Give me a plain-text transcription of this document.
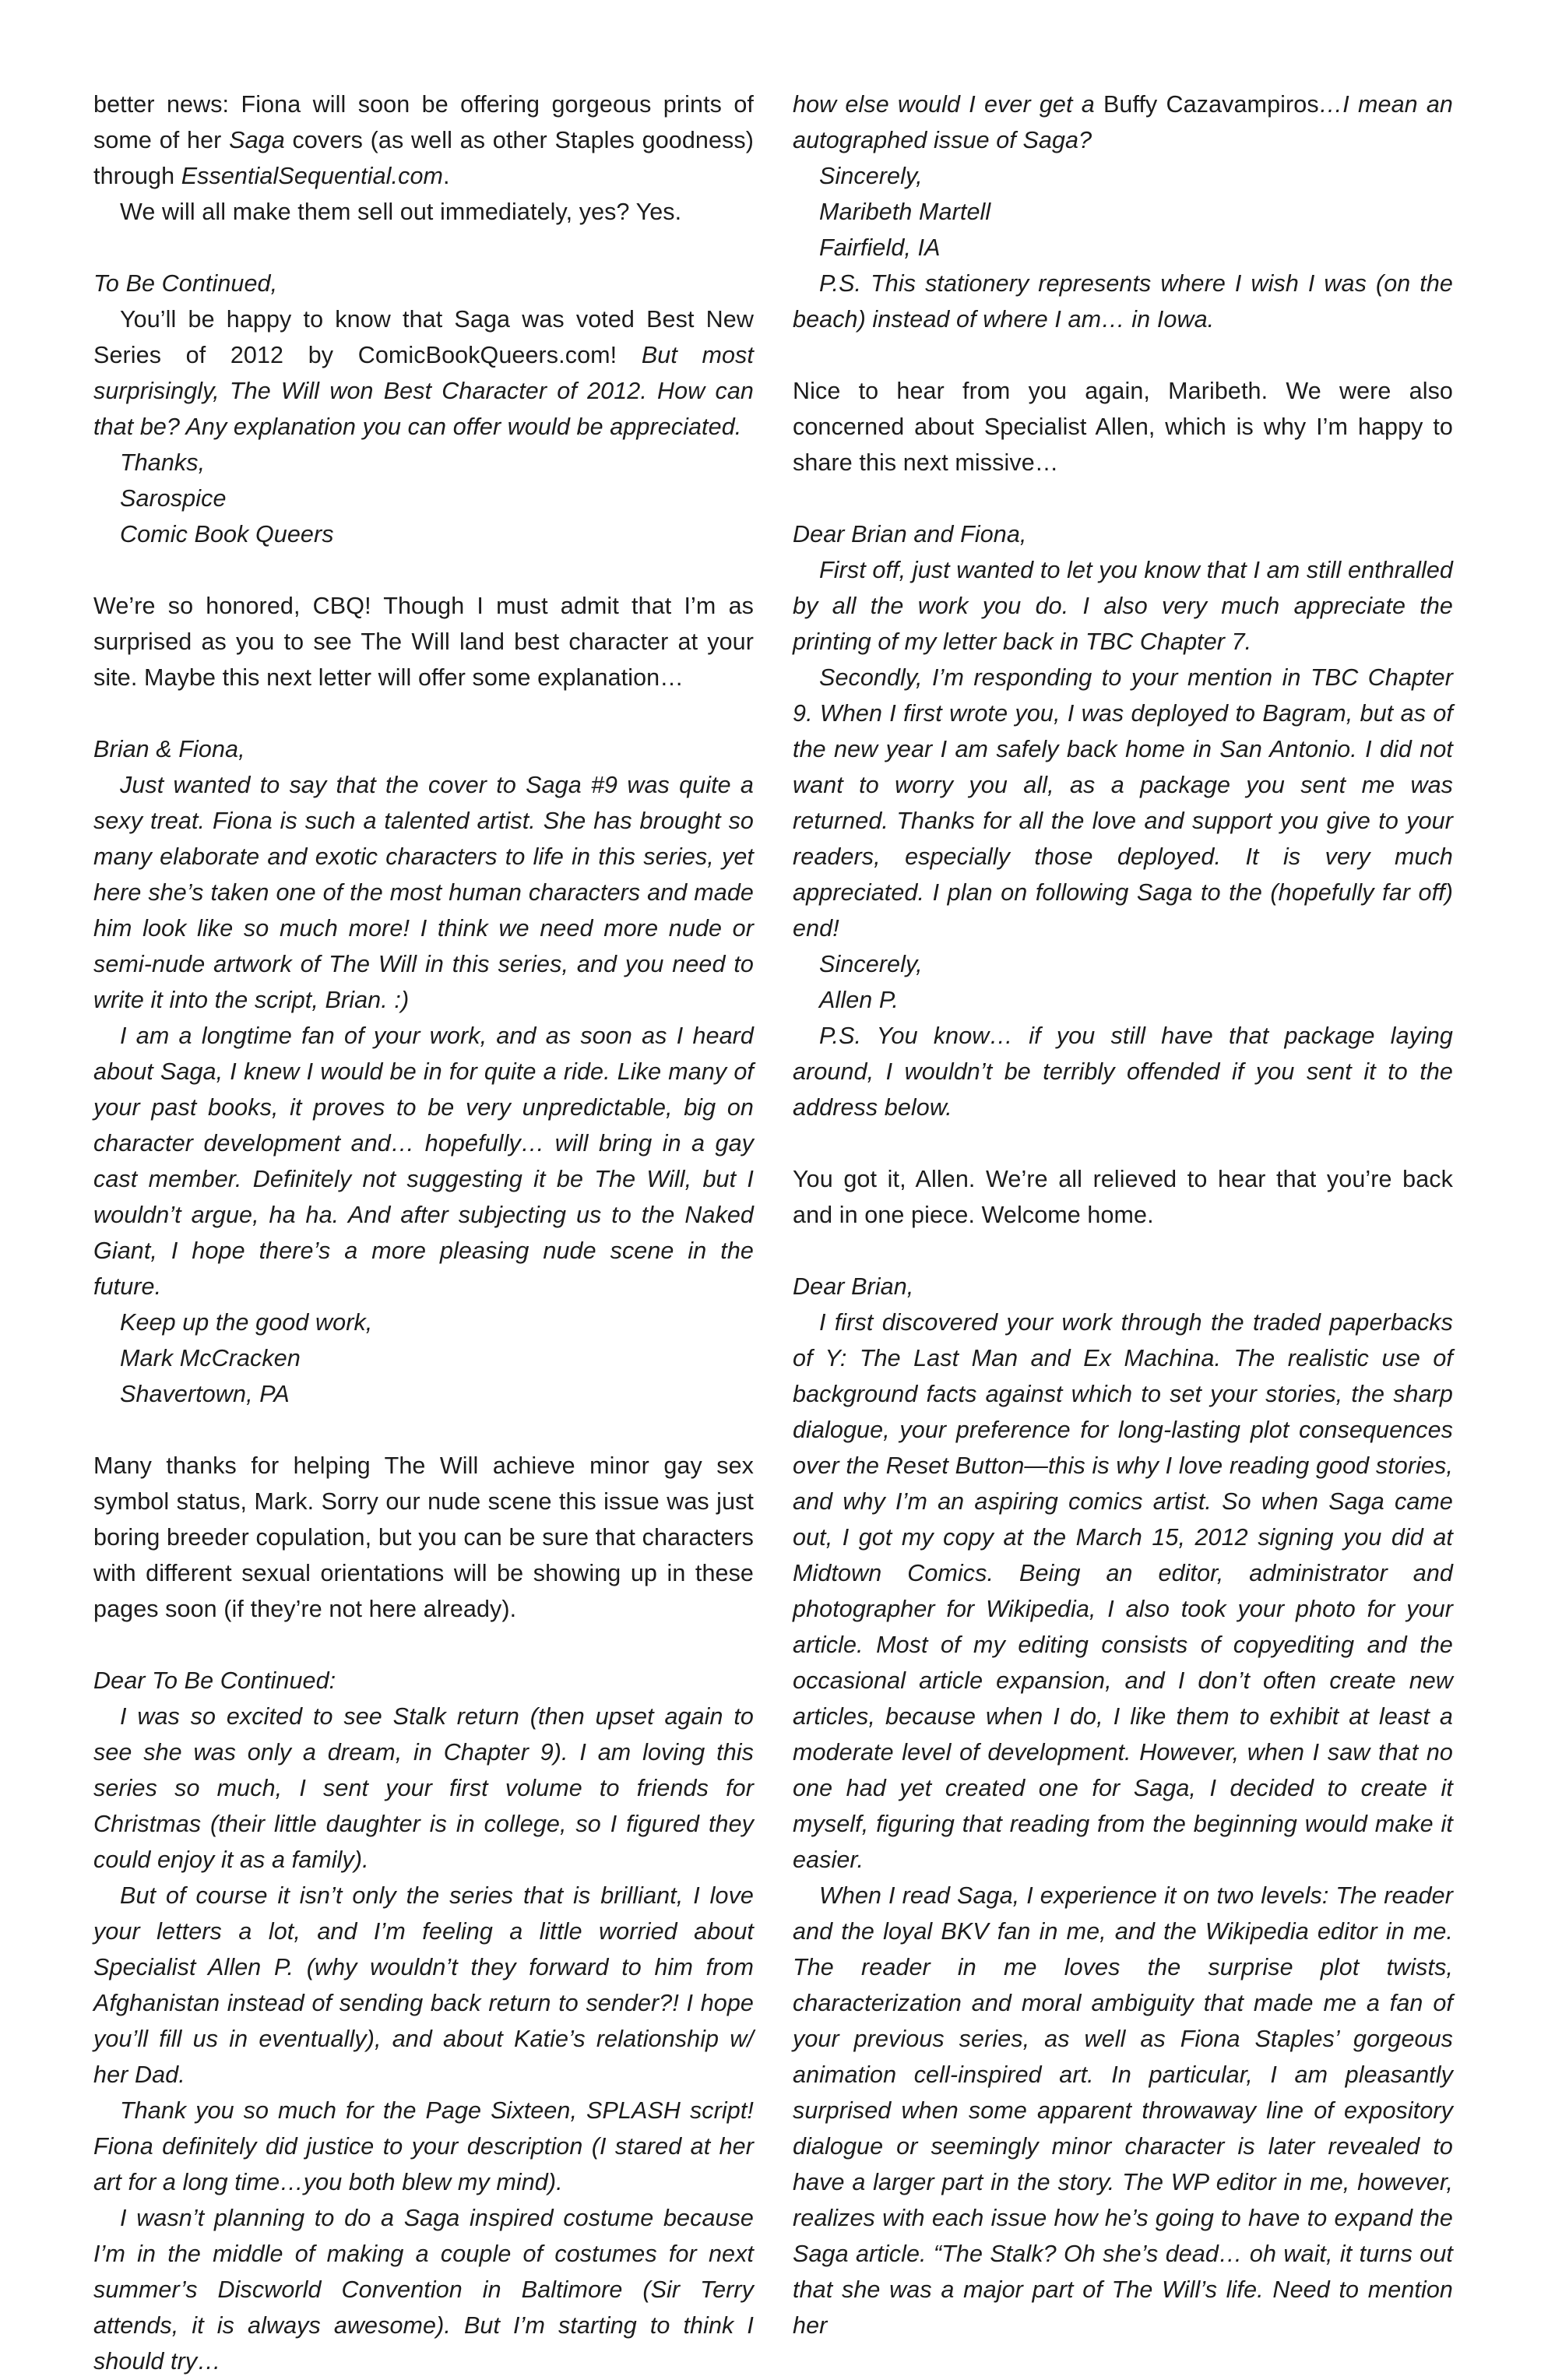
better news: Fiona will soon be offering gorgeous prints of some of her Saga covers (as well as other Staples goodness) through EssentialSequential.com.

We will all make them sell out immediately, yes? Yes.

To Be Continued,

You’ll be happy to know that Saga was voted Best New Series of 2012 by ComicBookQueers.com! But most surprisingly, The Will won Best Character of 2012. How can that be? Any explanation you can offer would be appreciated.

Thanks,

Sarospice

Comic Book Queers

We’re so honored, CBQ! Though I must admit that I’m as surprised as you to see The Will land best character at your site. Maybe this next letter will offer some explanation…

Brian & Fiona,

Just wanted to say that the cover to Saga #9 was quite a sexy treat. Fiona is such a talented artist. She has brought so many elaborate and exotic characters to life in this series, yet here she’s taken one of the most human characters and made him look like so much more! I think we need more nude or semi-nude artwork of The Will in this series, and you need to write it into the script, Brian. :)

I am a longtime fan of your work, and as soon as I heard about Saga, I knew I would be in for quite a ride. Like many of your past books, it proves to be very unpredictable, big on character development and… hopefully… will bring in a gay cast member. Definitely not suggesting it be The Will, but I wouldn’t argue, ha ha. And after subjecting us to the Naked Giant, I hope there’s a more pleasing nude scene in the future.

Keep up the good work,

Mark McCracken

Shavertown, PA

Many thanks for helping The Will achieve minor gay sex symbol status, Mark. Sorry our nude scene this issue was just boring breeder copulation, but you can be sure that characters with different sexual orientations will be showing up in these pages soon (if they’re not here already).

Dear To Be Continued:

I was so excited to see Stalk return (then upset again to see she was only a dream, in Chapter 9). I am loving this series so much, I sent your first volume to friends for Christmas (their little daughter is in college, so I figured they could enjoy it as a family).

But of course it isn’t only the series that is brilliant, I love your letters a lot, and I’m feeling a little worried about Specialist Allen P. (why wouldn’t they forward to him from Afghanistan instead of sending back return to sender?! I hope you’ll fill us in eventually), and about Katie’s relationship w/ her Dad.

Thank you so much for the Page Sixteen, SPLASH script! Fiona definitely did justice to your description (I stared at her art for a long time…you both blew my mind).

I wasn’t planning to do a Saga inspired costume because I’m in the middle of making a couple of costumes for next summer’s Discworld Convention in Baltimore (Sir Terry attends, it is always awesome). But I’m starting to think I should try…

how else would I ever get a Buffy Cazavampiros…I mean an autographed issue of Saga?

Sincerely,

Maribeth Martell

Fairfield, IA

P.S. This stationery represents where I wish I was (on the beach) instead of where I am… in Iowa.

Nice to hear from you again, Maribeth. We were also concerned about Specialist Allen, which is why I’m happy to share this next missive…

Dear Brian and Fiona,

First off, just wanted to let you know that I am still enthralled by all the work you do. I also very much appreciate the printing of my letter back in TBC Chapter 7.

Secondly, I’m responding to your mention in TBC Chapter 9. When I first wrote you, I was deployed to Bagram, but as of the new year I am safely back home in San Antonio. I did not want to worry you all, as a package you sent me was returned. Thanks for all the love and support you give to your readers, especially those deployed. It is very much appreciated. I plan on following Saga to the (hopefully far off) end!

Sincerely,

Allen P.

P.S. You know… if you still have that package laying around, I wouldn’t be terribly offended if you sent it to the address below.

You got it, Allen. We’re all relieved to hear that you’re back and in one piece. Welcome home.

Dear Brian,

I first discovered your work through the traded paperbacks of Y: The Last Man and Ex Machina. The realistic use of background facts against which to set your stories, the sharp dialogue, your preference for long-lasting plot consequences over the Reset Button—this is why I love reading good stories, and why I’m an aspiring comics artist. So when Saga came out, I got my copy at the March 15, 2012 signing you did at Midtown Comics. Being an editor, administrator and photographer for Wikipedia, I also took your photo for your article. Most of my editing consists of copyediting and the occasional article expansion, and I don’t often create new articles, because when I do, I like them to exhibit at least a moderate level of development. However, when I saw that no one had yet created one for Saga, I decided to create it myself, figuring that reading from the beginning would make it easier.

When I read Saga, I experience it on two levels: The reader and the loyal BKV fan in me, and the Wikipedia editor in me. The reader in me loves the surprise plot twists, characterization and moral ambiguity that made me a fan of your previous series, as well as Fiona Staples’ gorgeous animation cell-inspired art. In particular, I am pleasantly surprised when some apparent throwaway line of expository dialogue or seemingly minor character is later revealed to have a larger part in the story. The WP editor in me, however, realizes with each issue how he’s going to have to expand the Saga article. “The Stalk? Oh she’s dead… oh wait, it turns out that she was a major part of The Will’s life. Need to mention her
